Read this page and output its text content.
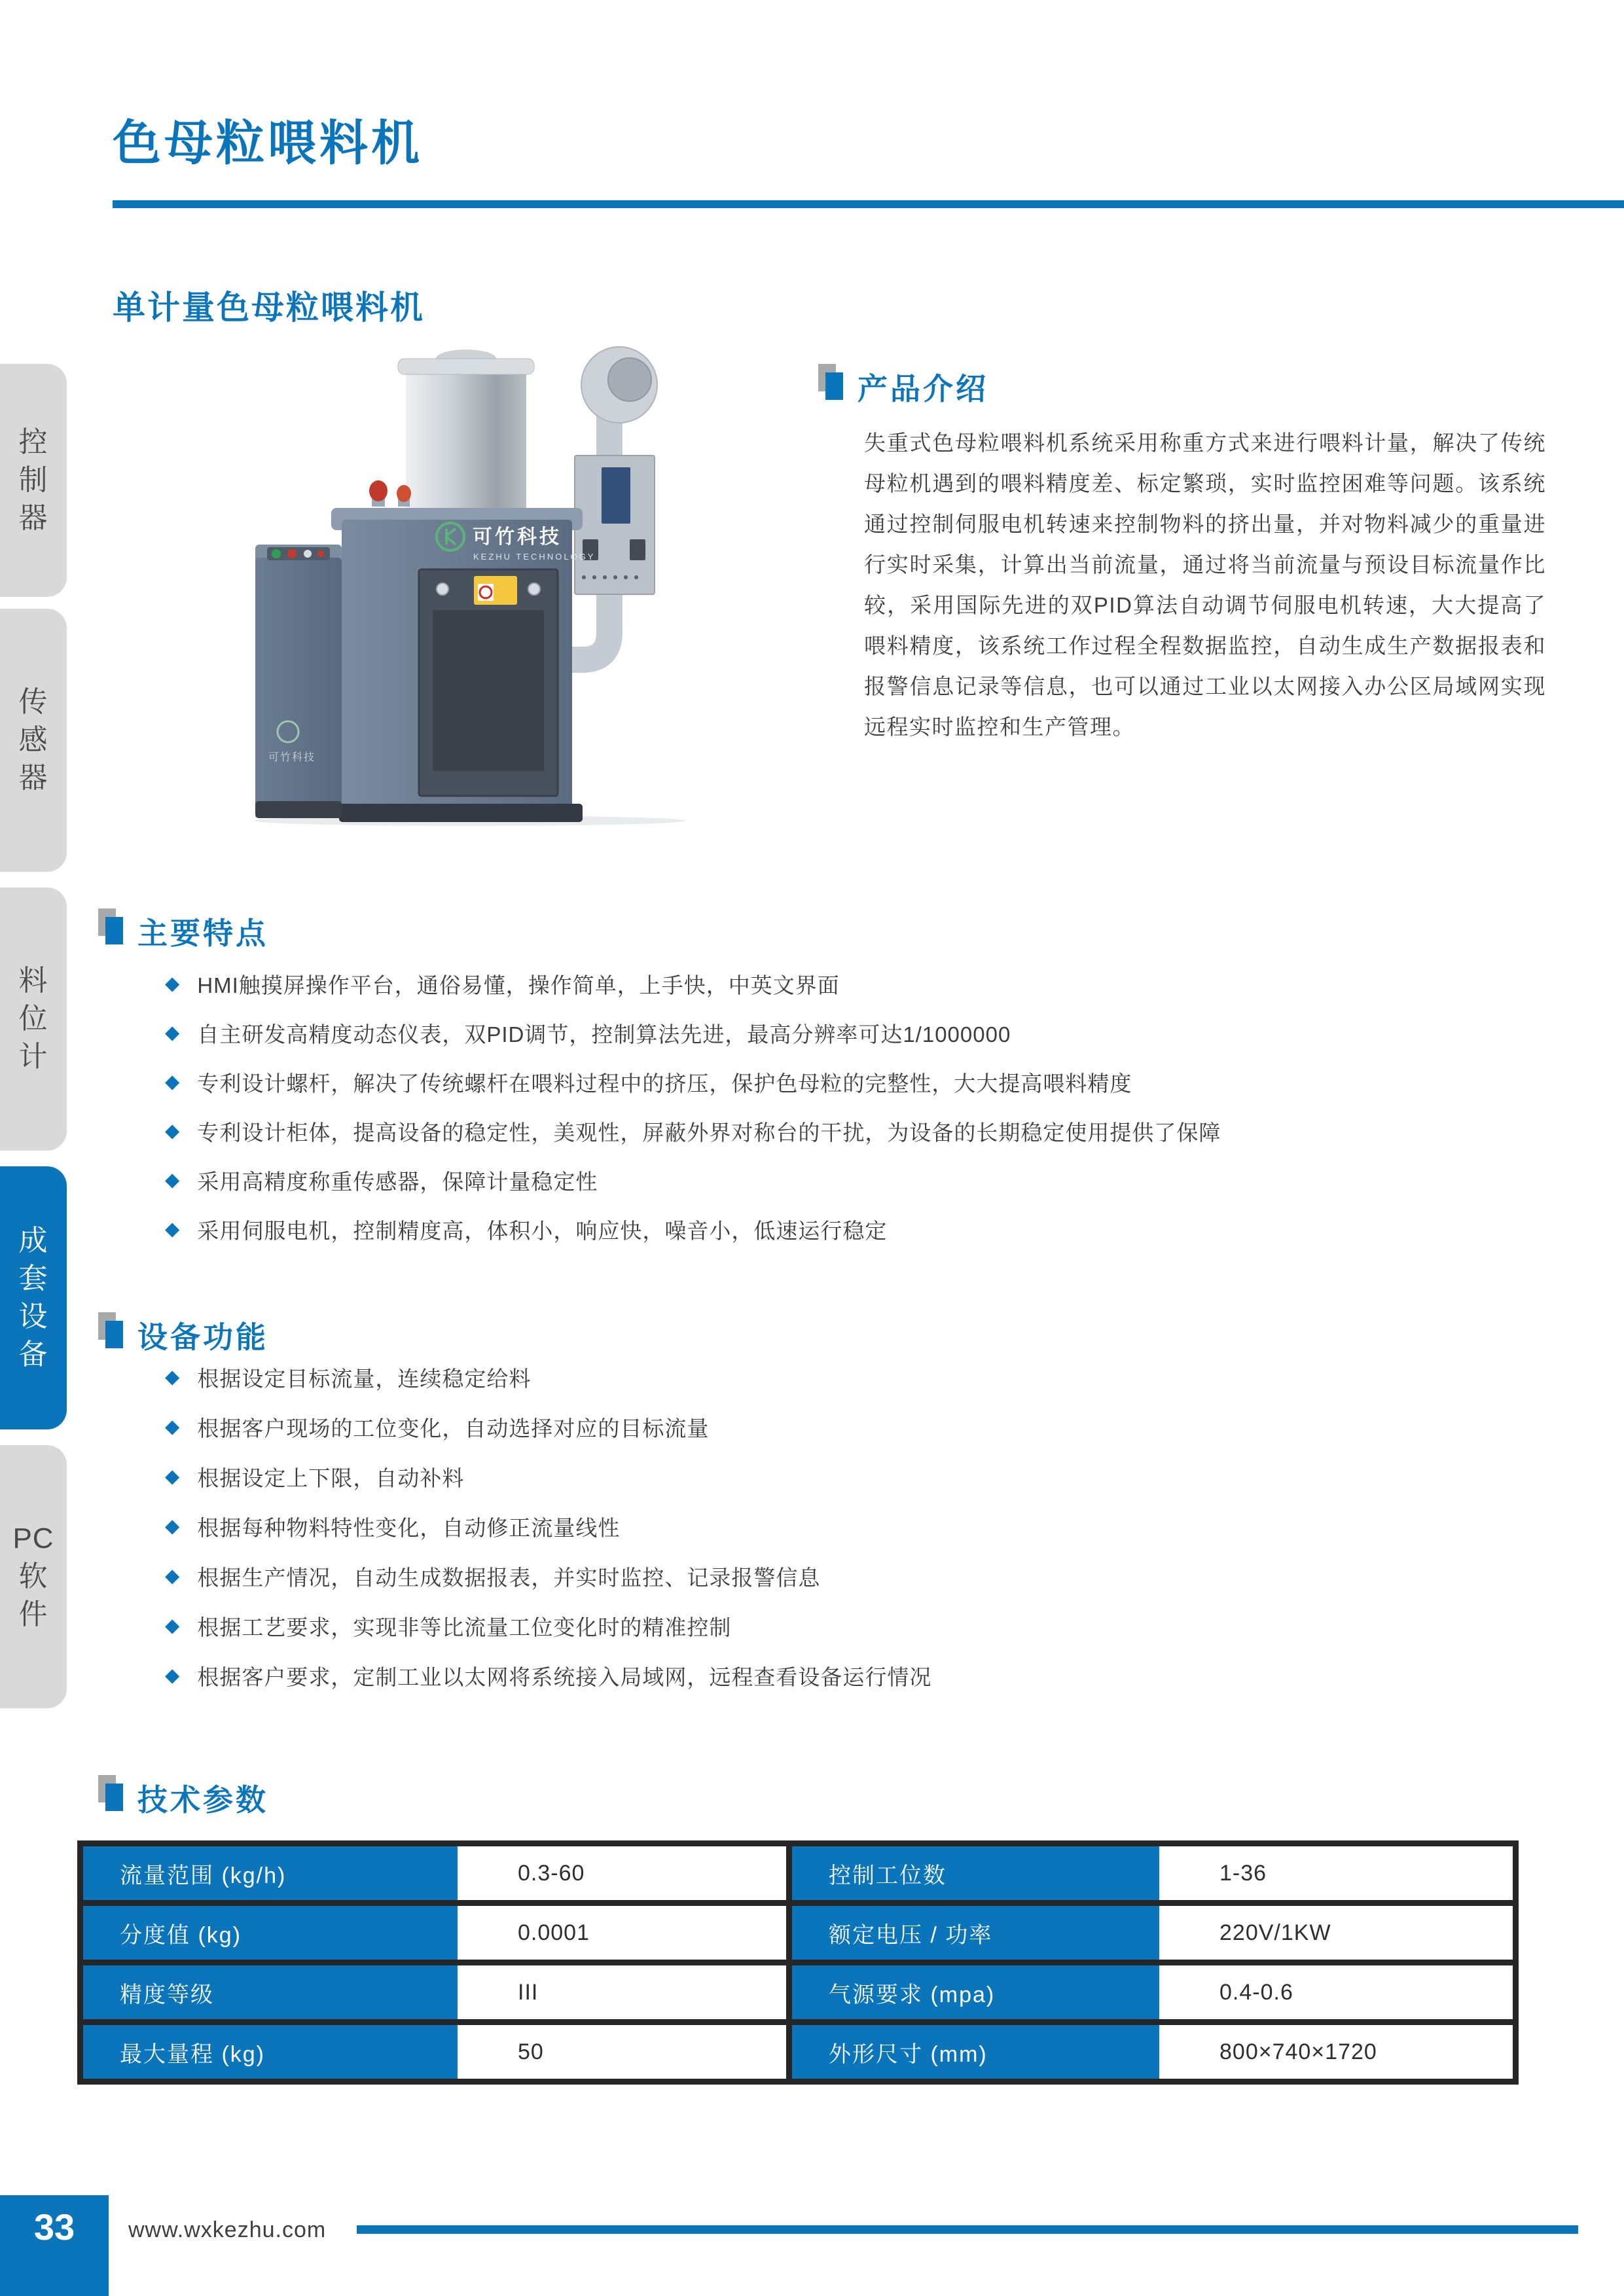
色母粒喂料机
单计量色母粒喂料机
控
制
器
传
感
器
料
位
计
成
套
设
备
PC
软
件
可竹科技
KEZHU TECHNOLOGY
可竹科技
产品介绍

失重式色母粒喂料机系统采用称重方式来进行喂料计量，解决了传统母粒机遇到的喂料精度差、标定繁琐，实时监控困难等问题。该系统通过控制伺服电机转速来控制物料的挤出量，并对物料减少的重量进行实时采集，计算出当前流量，通过将当前流量与预设目标流量作比较，采用国际先进的双PID算法自动调节伺服电机转速，大大提高了喂料精度，该系统工作过程全程数据监控，自动生成生产数据报表和报警信息记录等信息，也可以通过工业以太网接入办公区局域网实现远程实时监控和生产管理。

主要特点
◆ HMI触摸屏操作平台，通俗易懂，操作简单，上手快，中英文界面
◆ 自主研发高精度动态仪表，双PID调节，控制算法先进，最高分辨率可达1/1000000
◆ 专利设计螺杆，解决了传统螺杆在喂料过程中的挤压，保护色母粒的完整性，大大提高喂料精度
◆ 专利设计柜体，提高设备的稳定性，美观性，屏蔽外界对称台的干扰，为设备的长期稳定使用提供了保障
◆ 采用高精度称重传感器，保障计量稳定性
◆ 采用伺服电机，控制精度高，体积小，响应快，噪音小，低速运行稳定
设备功能
◆ 根据设定目标流量，连续稳定给料
◆ 根据客户现场的工位变化，自动选择对应的目标流量
◆ 根据设定上下限，自动补料
◆ 根据每种物料特性变化，自动修正流量线性
◆ 根据生产情况，自动生成数据报表，并实时监控、记录报警信息
◆ 根据工艺要求，实现非等比流量工位变化时的精准控制
◆ 根据客户要求，定制工业以太网将系统接入局域网，远程查看设备运行情况
技术参数
流量范围 (kg/h)	0.3-60	控制工位数	1-36
分度值 (kg)	0.0001	额定电压 / 功率	220V/1KW
精度等级	III	气源要求 (mpa)	0.4-0.6
最大量程 (kg)	50	外形尺寸 (mm)	800×740×1720
33 www.wxkezhu.com
